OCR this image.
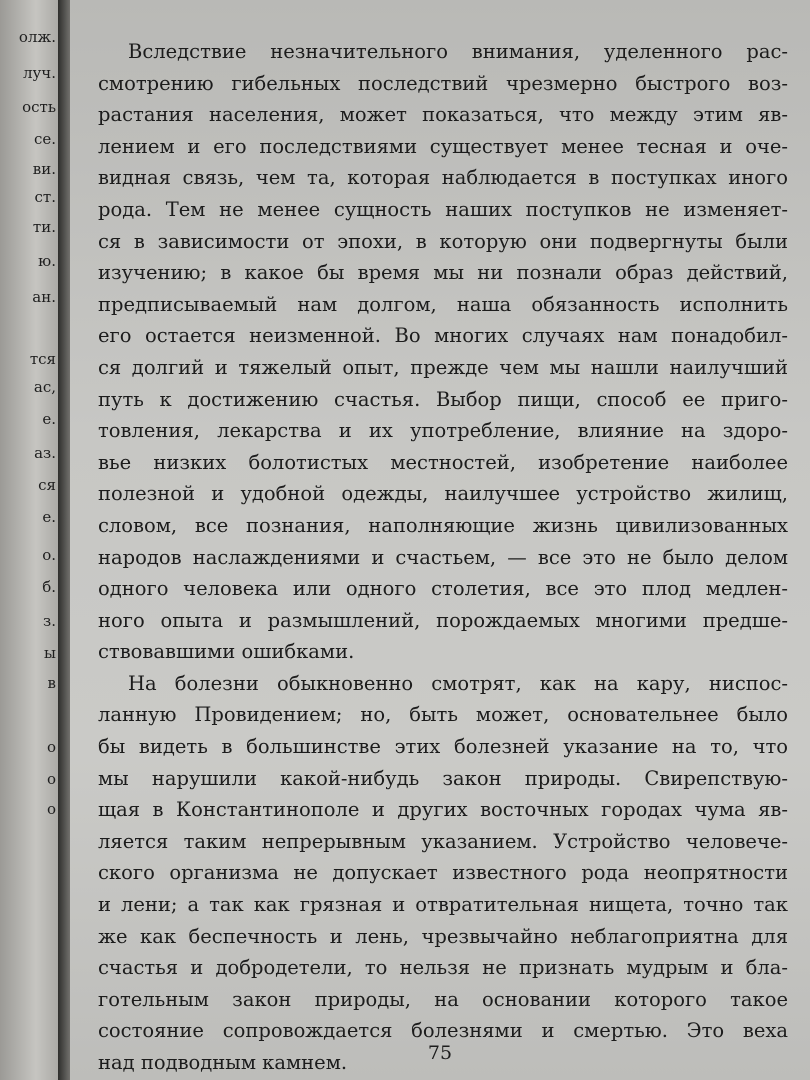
олж.
луч.
ость
се.
ви.
ст.
ти.
ю.
ан.
тся
ас,
е.
аз.
ся
е.
о.
б.
з.
ы
в
о
о
о
Вследствие незначительного внимания, уделенного рас-
смотрению гибельных последствий чрезмерно быстрого воз-
растания населения, может показаться, что между этим яв-
лением и его последствиями существует менее тесная и оче-
видная связь, чем та, которая наблюдается в поступках иного
рода. Тем не менее сущность наших поступков не изменяет-
ся в зависимости от эпохи, в которую они подвергнуты были
изучению; в какое бы время мы ни познали образ действий,
предписываемый нам долгом, наша обязанность исполнить
его остается неизменной. Во многих случаях нам понадобил-
ся долгий и тяжелый опыт, прежде чем мы нашли наилучший
путь к достижению счастья. Выбор пищи, способ ее приго-
товления, лекарства и их употребление, влияние на здоро-
вье низких болотистых местностей, изобретение наиболее
полезной и удобной одежды, наилучшее устройство жилищ,
словом, все познания, наполняющие жизнь цивилизованных
народов наслаждениями и счастьем, — все это не было делом
одного человека или одного столетия, все это плод медлен-
ного опыта и размышлений, порождаемых многими предше-
ствовавшими ошибками.
На болезни обыкновенно смотрят, как на кару, ниспос-
ланную Провидением; но, быть может, основательнее было
бы видеть в большинстве этих болезней указание на то, что
мы нарушили какой-нибудь закон природы. Свирепствую-
щая в Константинополе и других восточных городах чума яв-
ляется таким непрерывным указанием. Устройство человече-
ского организма не допускает известного рода неопрятности
и лени; а так как грязная и отвратительная нищета, точно так
же как беспечность и лень, чрезвычайно неблагоприятна для
счастья и добродетели, то нельзя не признать мудрым и бла-
готельным закон природы, на основании которого такое
состояние сопровождается болезнями и смертью. Это веха
над подводным камнем.	75
